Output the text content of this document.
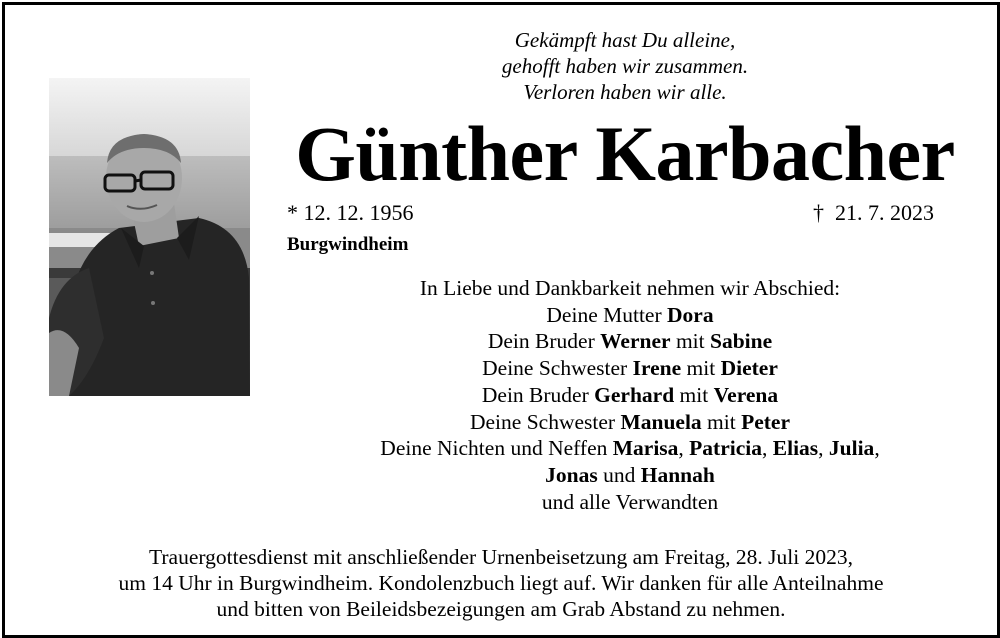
Gekämpft hast Du alleine,
gehofft haben wir zusammen.
Verloren haben wir alle.
Günther Karbacher
* 12. 12. 1956	† 21. 7. 2023
Burgwindheim
In Liebe und Dankbarkeit nehmen wir Abschied:
Deine Mutter Dora
Dein Bruder Werner mit Sabine
Deine Schwester Irene mit Dieter
Dein Bruder Gerhard mit Verena
Deine Schwester Manuela mit Peter
Deine Nichten und Neffen Marisa, Patricia, Elias, Julia,
Jonas und Hannah
und alle Verwandten
Trauergottesdienst mit anschließender Urnenbeisetzung am Freitag, 28. Juli 2023,
um 14 Uhr in Burgwindheim. Kondolenzbuch liegt auf. Wir danken für alle Anteilnahme
und bitten von Beileidsbezeigungen am Grab Abstand zu nehmen.
